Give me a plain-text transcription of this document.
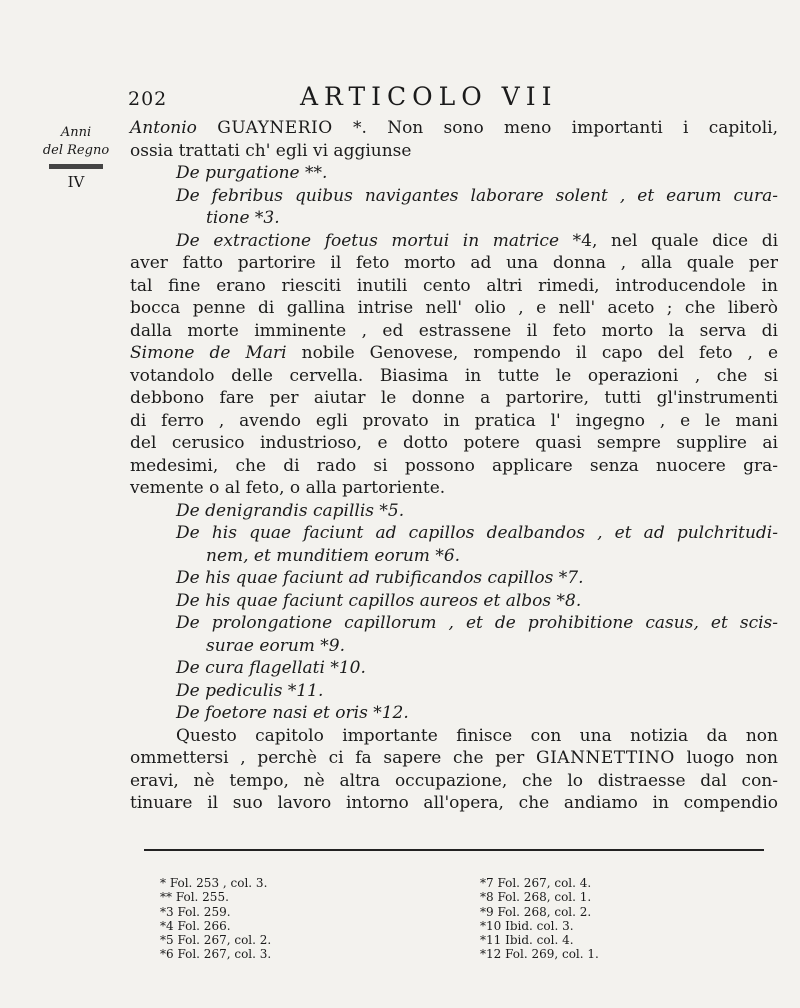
202	ARTICOLO VII
Anni
del Regno
IV
Antonio GUAYNERIO *. Non sono meno importanti i capitoli,
ossia trattati ch' egli vi aggiunse
De purgatione **.
De febribus quibus navigantes laborare solent , et earum cura-
tione *3.
De extractione foetus mortui in matrice *4, nel quale dice di
aver fatto partorire il feto morto ad una donna , alla quale per
tal fine erano riesciti inutili cento altri rimedi, introducendole in
bocca penne di gallina intrise nell' olio , e nell' aceto ; che liberò
dalla morte imminente , ed estrassene il feto morto la serva di
Simone de Mari nobile Genovese, rompendo il capo del feto , e
votandolo delle cervella. Biasima in tutte le operazioni , che si
debbono fare per aiutar le donne a partorire, tutti gl'instrumenti
di ferro , avendo egli provato in pratica l' ingegno , e le mani
del cerusico industrioso, e dotto potere quasi sempre supplire ai
medesimi, che di rado si possono applicare senza nuocere gra-
vemente o al feto, o alla partoriente.
De denigrandis capillis *5.
De his quae faciunt ad capillos dealbandos , et ad pulchritudi-
nem, et munditiem eorum *6.
De his quae faciunt ad rubificandos capillos *7.
De his quae faciunt capillos aureos et albos *8.
De prolongatione capillorum , et de prohibitione casus, et scis-
surae eorum *9.
De cura flagellati *10.
De pediculis *11.
De foetore nasi et oris *12.
Questo capitolo importante finisce con una notizia da non
ommettersi , perchè ci fa sapere che per GIANNETTINO luogo non
eravi, nè tempo, nè altra occupazione, che lo distraesse dal con-
tinuare il suo lavoro intorno all'opera, che andiamo in compendio
* Fol. 253 , col. 3.
** Fol. 255.
*3 Fol. 259.
*4 Fol. 266.
*5 Fol. 267, col. 2.
*6 Fol. 267, col. 3.
*7 Fol. 267, col. 4.
*8 Fol. 268, col. 1.
*9 Fol. 268, col. 2.
*10 Ibid. col. 3.
*11 Ibid. col. 4.
*12 Fol. 269, col. 1.
